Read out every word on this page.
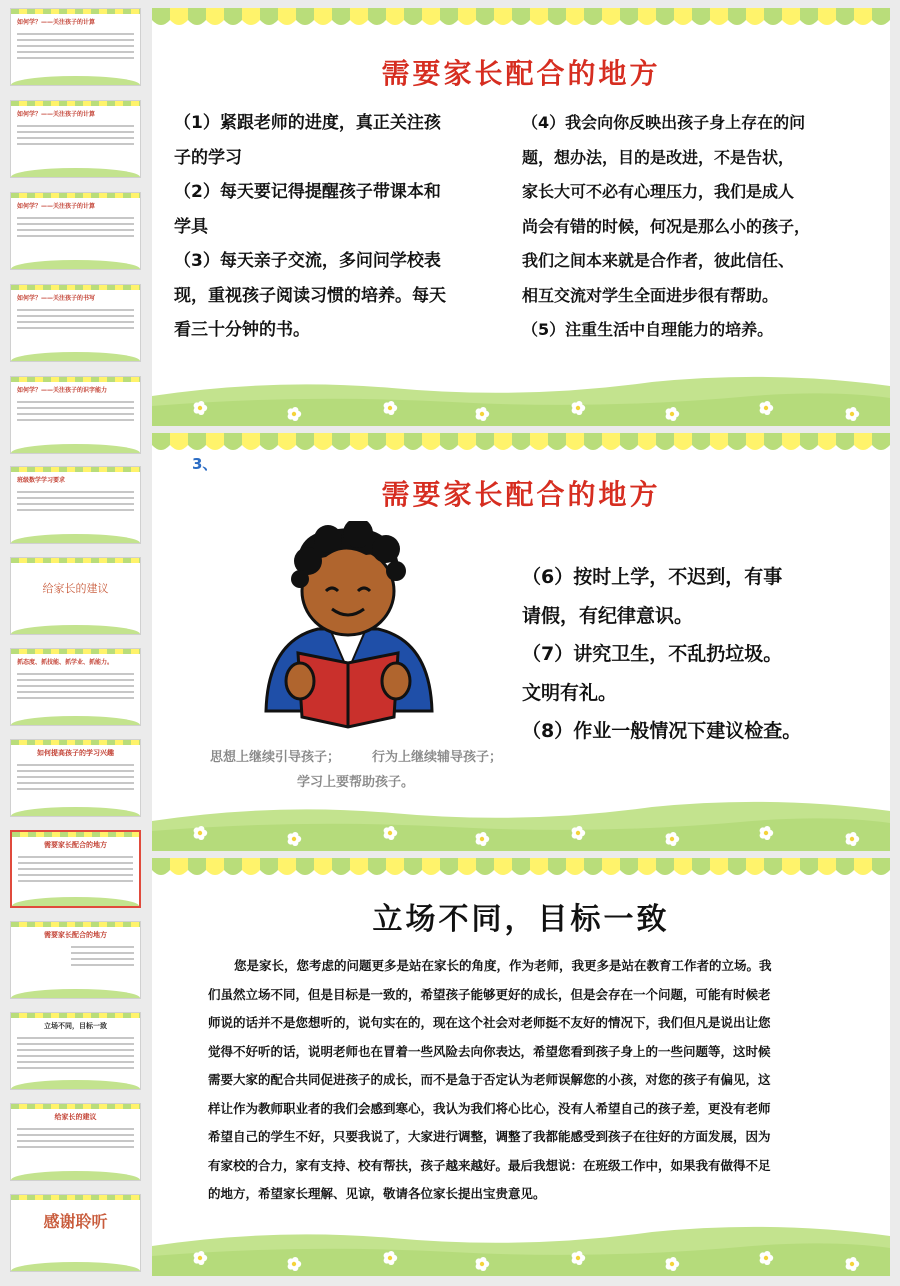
如何学？——关注孩子的计算
如何学？——关注孩子的计算
如何学？——关注孩子的计算
如何学？——关注孩子的书写
如何学？——关注孩子的识字能力
班级数学学习要求
给家长的建议
抓态度、抓技能、抓学业、抓能力。
如何提高孩子的学习兴趣
需要家长配合的地方
需要家长配合的地方
立场不同，目标一致
给家长的建议
感谢聆听
需要家长配合的地方
（1）紧跟老师的进度，真正关注孩
子的学习
（2）每天要记得提醒孩子带课本和
学具
（3）每天亲子交流，多问问学校表
现，重视孩子阅读习惯的培养。每天
看三十分钟的书。
（4）我会向你反映出孩子身上存在的问
题，想办法，目的是改进，不是告状，
家长大可不必有心理压力，我们是成人
尚会有错的时候，何况是那么小的孩子，
我们之间本来就是合作者，彼此信任、
相互交流对学生全面进步很有帮助。
（5）注重生活中自理能力的培养。
3、
需要家长配合的地方
思想上继续引导孩子； 行为上继续辅导孩子；
学习上要帮助孩子。
（6）按时上学，不迟到，有事
请假，有纪律意识。
（7）讲究卫生，不乱扔垃圾。
文明有礼。
（8）作业一般情况下建议检查。
立场不同，目标一致
您是家长，您考虑的问题更多是站在家长的角度，作为老师，我更多是站在教育工作者的立场。我
们虽然立场不同，但是目标是一致的，希望孩子能够更好的成长，但是会存在一个问题，可能有时候老
师说的话并不是您想听的，说句实在的，现在这个社会对老师挺不友好的情况下，我们但凡是说出让您
觉得不好听的话，说明老师也在冒着一些风险去向你表达，希望您看到孩子身上的一些问题等，这时候
需要大家的配合共同促进孩子的成长，而不是急于否定认为老师误解您的小孩，对您的孩子有偏见，这
样让作为教师职业者的我们会感到寒心，我认为我们将心比心，没有人希望自己的孩子差，更没有老师
希望自己的学生不好，只要我说了，大家进行调整，调整了我都能感受到孩子在往好的方面发展，因为
有家校的合力，家有支持、校有帮扶，孩子越来越好。最后我想说：在班级工作中，如果我有做得不足
的地方，希望家长理解、见谅，敬请各位家长提出宝贵意见。
